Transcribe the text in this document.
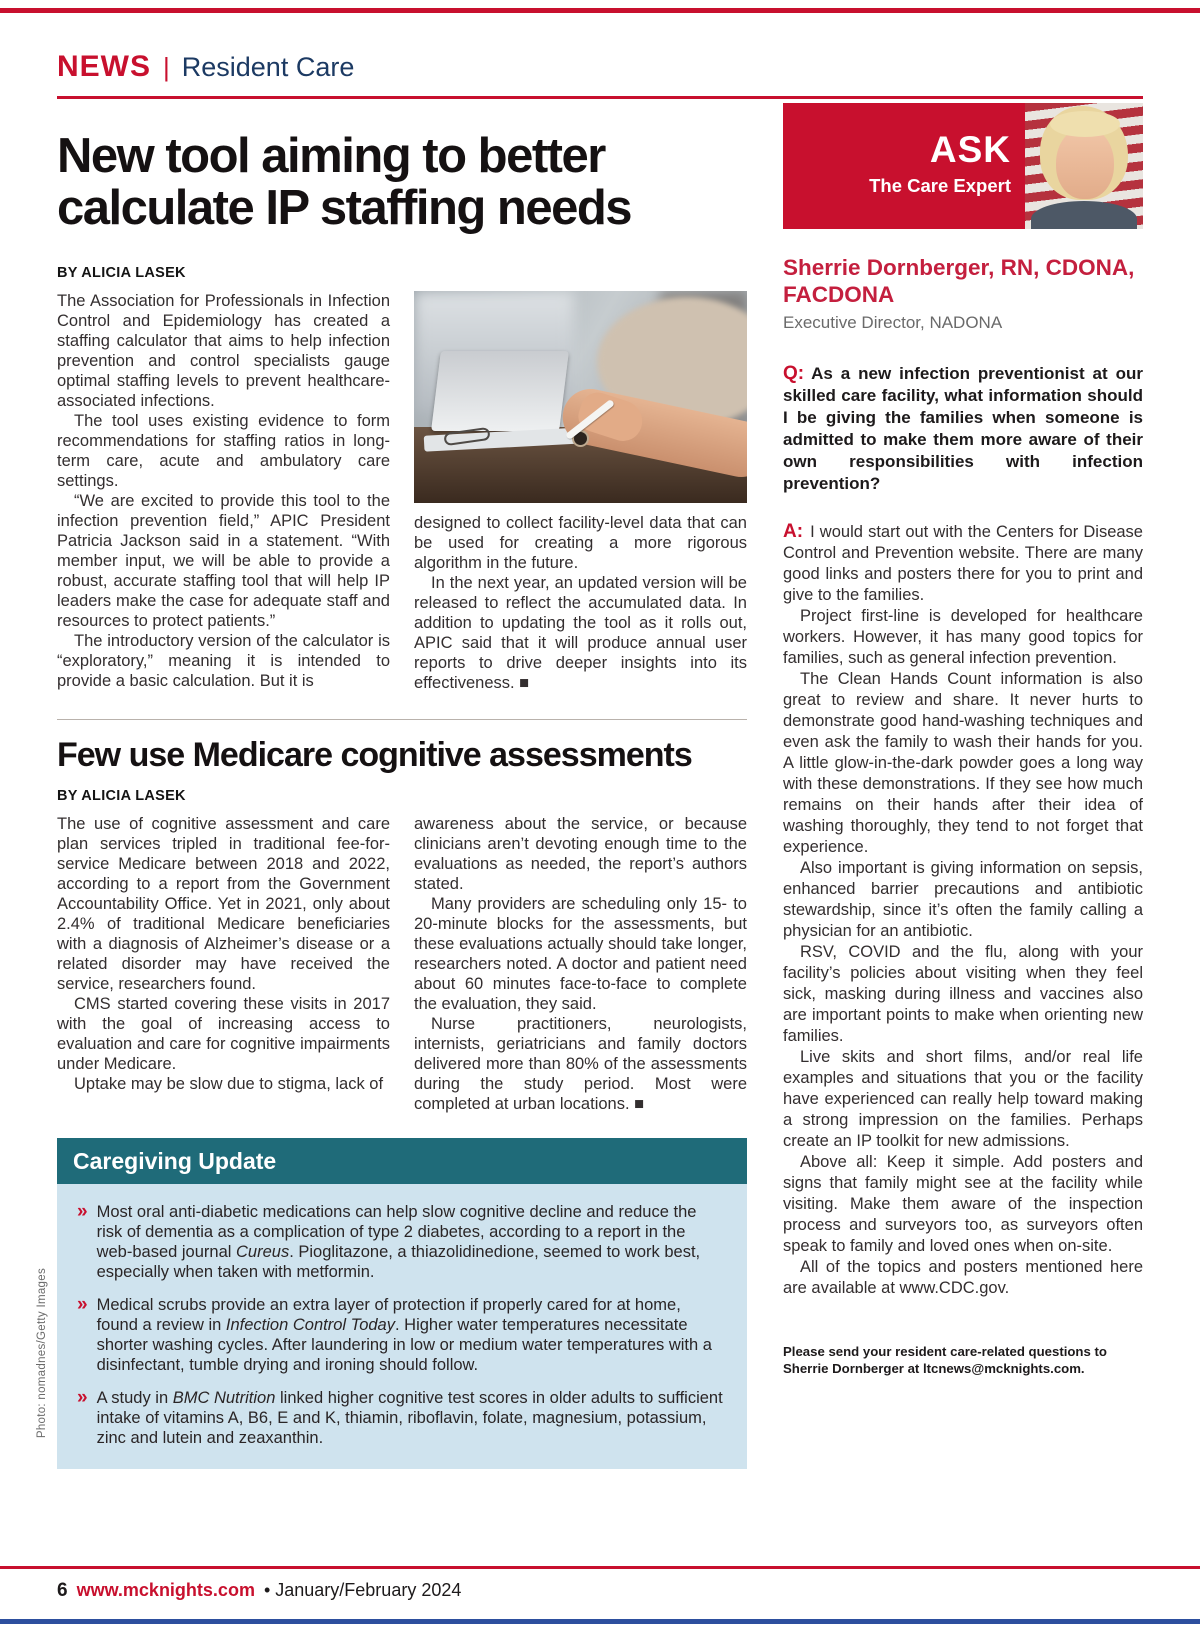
NEWS | Resident Care
New tool aiming to better calculate IP staffing needs
BY ALICIA LASEK

The Association for Professionals in Infection Control and Epidemiology has created a staffing calculator that aims to help infection prevention and control specialists gauge optimal staffing levels to prevent healthcare-associated infections.

The tool uses existing evidence to form recommendations for staffing ratios in long-term care, acute and ambulatory care settings.

“We are excited to provide this tool to the infection prevention field,” APIC President Patricia Jackson said in a statement. “With member input, we will be able to provide a robust, accurate staffing tool that will help IP leaders make the case for adequate staff and resources to protect patients.”

The introductory version of the calculator is “exploratory,” meaning it is intended to provide a basic calculation. But it is

designed to collect facility-level data that can be used for creating a more rigorous algorithm in the future.

In the next year, an updated version will be released to reflect the accumulated data. In addition to updating the tool as it rolls out, APIC said that it will produce annual user reports to drive deeper insights into its effectiveness. ■

Few use Medicare cognitive assessments
BY ALICIA LASEK

The use of cognitive assessment and care plan services tripled in traditional fee-for-service Medicare between 2018 and 2022, according to a report from the Government Accountability Office. Yet in 2021, only about 2.4% of traditional Medicare beneficiaries with a diagnosis of Alzheimer’s disease or a related disorder may have received the service, researchers found.

CMS started covering these visits in 2017 with the goal of increasing access to evaluation and care for cognitive impairments under Medicare.

Uptake may be slow due to stigma, lack of

awareness about the service, or because clinicians aren’t devoting enough time to the evaluations as needed, the report’s authors stated.

Many providers are scheduling only 15- to 20-minute blocks for the assessments, but these evaluations actually should take longer, researchers noted. A doctor and patient need about 60 minutes face-to-face to complete the evaluation, they said.

Nurse practitioners, neurologists, internists, geriatricians and family doctors delivered more than 80% of the assessments during the study period. Most were completed at urban locations. ■

Caregiving Update
» Most oral anti-diabetic medications can help slow cognitive decline and reduce the risk of dementia as a complication of type 2 diabetes, according to a report in the web-based journal Cureus. Pioglitazone, a thiazolidinedione, seemed to work best, especially when taken with metformin.
» Medical scrubs provide an extra layer of protection if properly cared for at home, found a review in Infection Control Today. Higher water temperatures necessitate shorter washing cycles. After laundering in low or medium water temperatures with a disinfectant, tumble drying and ironing should follow.
» A study in BMC Nutrition linked higher cognitive test scores in older adults to sufficient intake of vitamins A, B6, E and K, thiamin, riboflavin, folate, magnesium, potassium, zinc and lutein and zeaxanthin.
ASK
The Care Expert
Sherrie Dornberger, RN, CDONA, FACDONA
Executive Director, NADONA

Q: As a new infection preventionist at our skilled care facility, what information should I be giving the families when someone is admitted to make them more aware of their own responsibilities with infection prevention?

A: I would start out with the Centers for Disease Control and Prevention website. There are many good links and posters there for you to print and give to the families.

Project first-line is developed for healthcare workers. However, it has many good topics for families, such as general infection prevention.

The Clean Hands Count information is also great to review and share. It never hurts to demonstrate good hand-washing techniques and even ask the family to wash their hands for you. A little glow-in-the-dark powder goes a long way with these demonstrations. If they see how much remains on their hands after their idea of washing thoroughly, they tend to not forget that experience.

Also important is giving information on sepsis, enhanced barrier precautions and antibiotic stewardship, since it’s often the family calling a physician for an antibiotic.

RSV, COVID and the flu, along with your facility’s policies about visiting when they feel sick, masking during illness and vaccines also are important points to make when orienting new families.

Live skits and short films, and/or real life examples and situations that you or the facility have experienced can really help toward making a strong impression on the families. Perhaps create an IP toolkit for new admissions.

Above all: Keep it simple. Add posters and signs that family might see at the facility while visiting. Make them aware of the inspection process and surveyors too, as surveyors often speak to family and loved ones when on-site.

All of the topics and posters mentioned here are available at www.CDC.gov.

Please send your resident care-related questions to Sherrie Dornberger at ltcnews@mcknights.com.

Photo: nomadnes/Getty Images
6 www.mcknights.com • January/February 2024
